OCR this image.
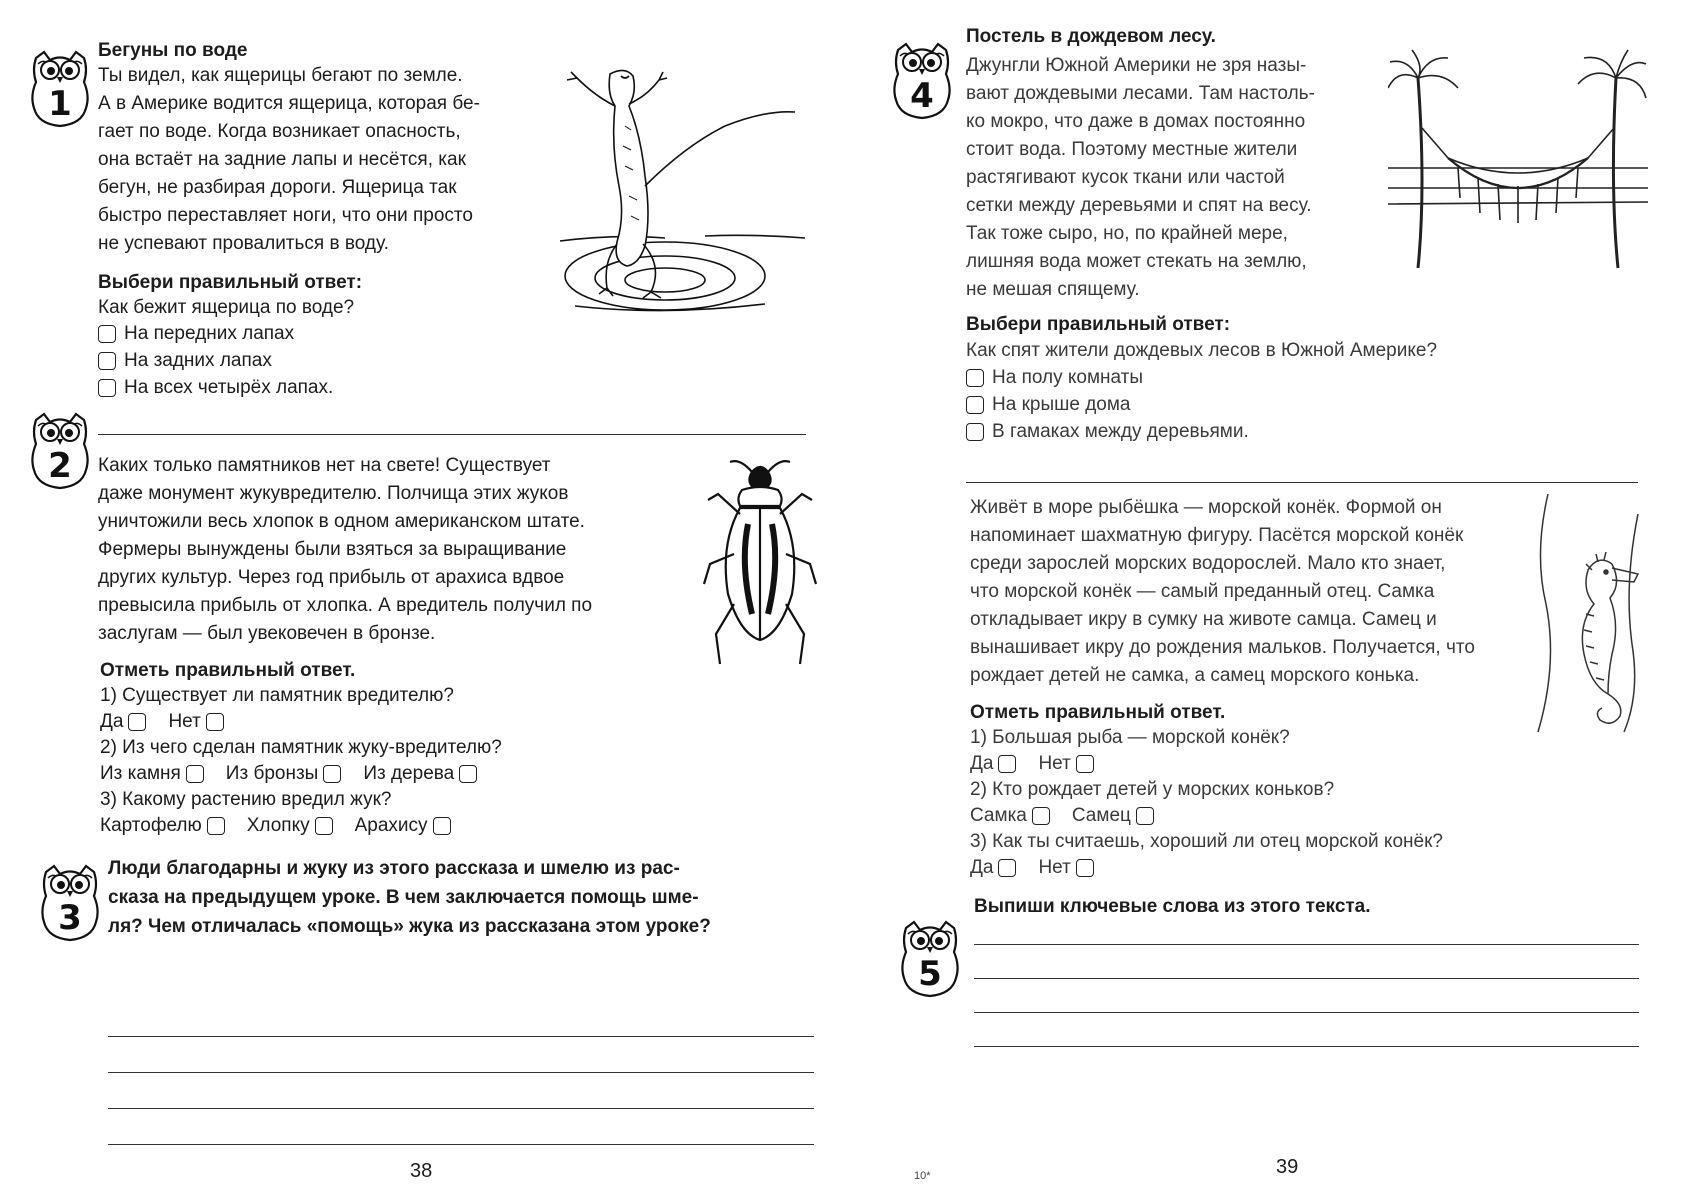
1
Бегуны по воде
Ты видел, как ящерицы бегают по земле.
А в Америке водится ящерица, которая бе-
гает по воде. Когда возникает опасность,
она встаёт на задние лапы и несётся, как
бегун, не разбирая дороги. Ящерица так
быстро переставляет ноги, что они просто
не успевают провалиться в воду.
Выбери правильный ответ:
Как бежит ящерица по воде?
На передних лапах
На задних лапах
На всех четырёх лапах.
2	Каких только памятников нет на свете! Существует
даже монумент жукувредителю. Полчища этих жуков
уничтожили весь хлопок в одном американском штате.
Фермеры вынуждены были взяться за выращивание
других культур. Через год прибыль от арахиса вдвое
превысила прибыль от хлопка. А вредитель получил по
заслугам — был увековечен в бронзе.
Отметь правильный ответ.
1) Существует ли памятник вредителю?
Да Нет
2) Из чего сделан памятник жуку-вредителю?
Из камня Из бронзы Из дерева
3) Какому растению вредил жук?
Картофелю Хлопку Арахису
3
Люди благодарны и жуку из этого рассказа и шмелю из рас-
сказа на предыдущем уроке. В чем заключается помощь шме-
ля? Чем отличалась «помощь» жука из рассказана этом уроке?
38	10*
4
Постель в дождевом лесу.
Джунгли Южной Америки не зря назы-
вают дождевыми лесами. Там настоль-
ко мокро, что даже в домах постоянно
стоит вода. Поэтому местные жители
растягивают кусок ткани или частой
сетки между деревьями и спят на весу.
Так тоже сыро, но, по крайней мере,
лишняя вода может стекать на землю,
не мешая спящему.
Выбери правильный ответ:
Как спят жители дождевых лесов в Южной Америке?
На полу комнаты
На крыше дома
В гамаках между деревьями.
Живёт в море рыбёшка — морской конёк. Формой он
напоминает шахматную фигуру. Пасётся морской конёк
среди зарослей морских водорослей. Мало кто знает,
что морской конёк — самый преданный отец. Самка
откладывает икру в сумку на животе самца. Самец и
вынашивает икру до рождения мальков. Получается, что
рождает детей не самка, а самец морского конька.
Отметь правильный ответ.
1) Большая рыба — морской конёк?
Да Нет
2) Кто рождает детей у морских коньков?
Самка Самец
3) Как ты считаешь, хороший ли отец морской конёк?
Да Нет
5
Выпиши ключевые слова из этого текста.
39
